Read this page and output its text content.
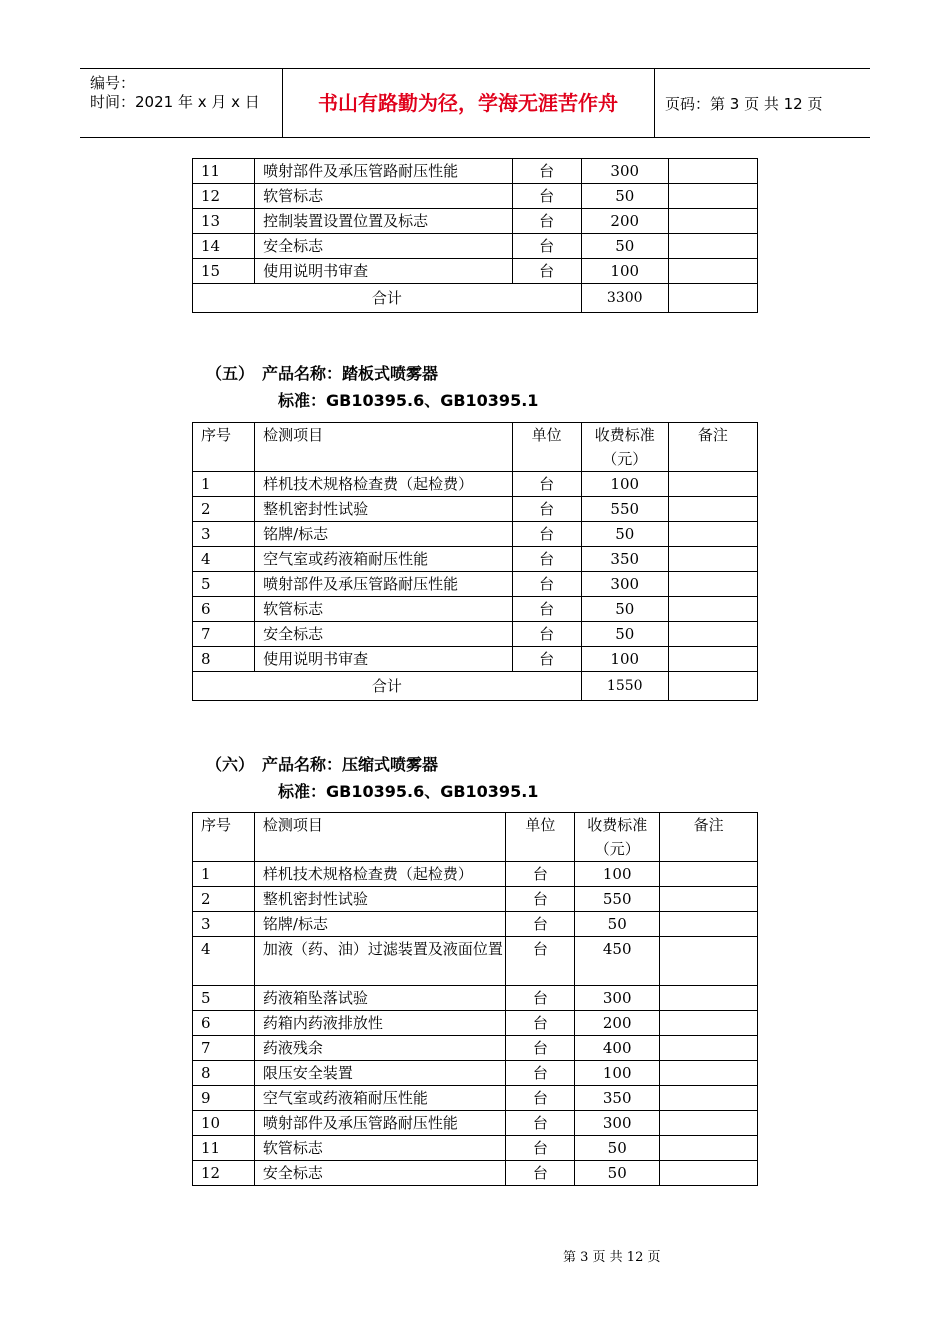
编号：
时间：2021 年 x 月 x 日	书山有路勤为径，学海无涯苦作舟	页码：第 3 页 共 12 页
11	喷射部件及承压管路耐压性能	台	300	
12	软管标志	台	50	
13	控制装置设置位置及标志	台	200	
14	安全标志	台	50	
15	使用说明书审查	台	100	
合计			3300	
（五）　产品名称：踏板式喷雾器
标准：GB10395.6、GB10395.1
序号	检测项目	单位	收费标准（元）	备注
1	样机技术规格检查费（起检费）	台	100	
2	整机密封性试验	台	550	
3	铭牌/标志	台	50	
4	空气室或药液箱耐压性能	台	350	
5	喷射部件及承压管路耐压性能	台	300	
6	软管标志	台	50	
7	安全标志	台	50	
8	使用说明书审查	台	100	
合计			1550	
（六）　产品名称：压缩式喷雾器
标准：GB10395.6、GB10395.1
序号	检测项目	单位	收费标准（元）	备注
1	样机技术规格检查费（起检费）	台	100	
2	整机密封性试验	台	550	
3	铭牌/标志	台	50	
4	加液（药、油）过滤装置及液面位置	台	450	
5	药液箱坠落试验	台	300	
6	药箱内药液排放性	台	200	
7	药液残余	台	400	
8	限压安全装置	台	100	
9	空气室或药液箱耐压性能	台	350	
10	喷射部件及承压管路耐压性能	台	300	
11	软管标志	台	50	
12	安全标志	台	50	
第 3 页 共 12 页
